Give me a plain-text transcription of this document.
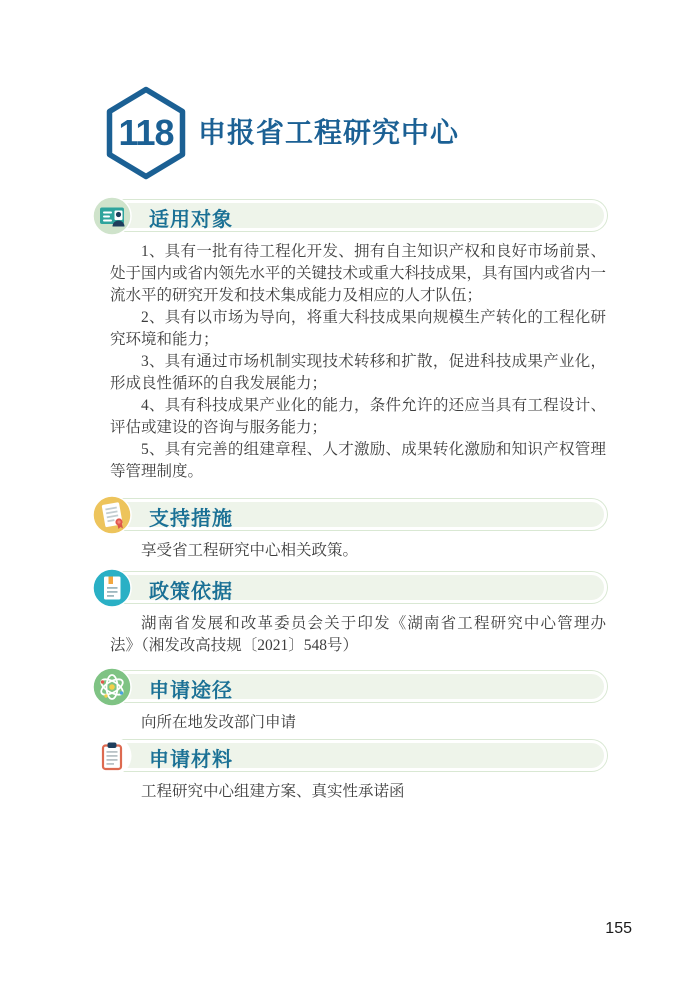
118 申报省工程研究中心
适用对象

1、具有一批有待工程化开发、拥有自主知识产权和良好市场前景、处于国内或省内领先水平的关键技术或重大科技成果，具有国内或省内一流水平的研究开发和技术集成能力及相应的人才队伍；

2、具有以市场为导向，将重大科技成果向规模生产转化的工程化研究环境和能力；

3、具有通过市场机制实现技术转移和扩散，促进科技成果产业化，形成良性循环的自我发展能力；

4、具有科技成果产业化的能力，条件允许的还应当具有工程设计、评估或建设的咨询与服务能力；

5、具有完善的组建章程、人才激励、成果转化激励和知识产权管理等管理制度。

支持措施

享受省工程研究中心相关政策。

政策依据

湖南省发展和改革委员会关于印发《湖南省工程研究中心管理办法》（湘发改高技规〔2021〕548号）

申请途径

向所在地发改部门申请

申请材料

工程研究中心组建方案、真实性承诺函

155
